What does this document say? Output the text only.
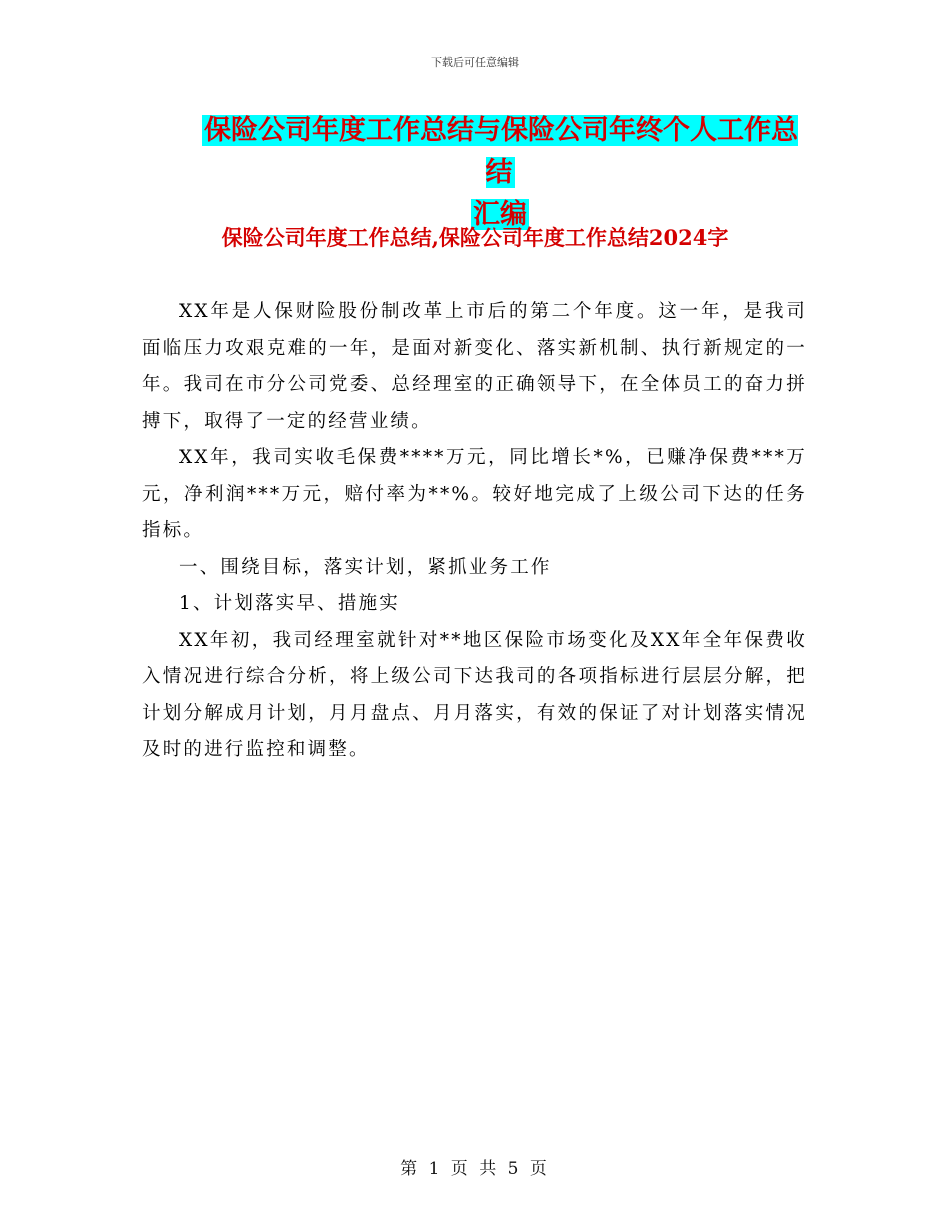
下载后可任意编辑
保险公司年度工作总结与保险公司年终个人工作总结
汇编
保险公司年度工作总结,保险公司年度工作总结2024字

XX年是人保财险股份制改革上市后的第二个年度。这一年，是我司面临压力攻艰克难的一年，是面对新变化、落实新机制、执行新规定的一年。我司在市分公司党委、总经理室的正确领导下，在全体员工的奋力拼搏下，取得了一定的经营业绩。

XX年，我司实收毛保费****万元，同比增长*%，已赚净保费***万元，净利润***万元，赔付率为**%。较好地完成了上级公司下达的任务指标。

一、围绕目标，落实计划，紧抓业务工作

1、计划落实早、措施实

XX年初，我司经理室就针对**地区保险市场变化及XX年全年保费收入情况进行综合分析，将上级公司下达我司的各项指标进行层层分解，把计划分解成月计划，月月盘点、月月落实，有效的保证了对计划落实情况及时的进行监控和调整。

第 1 页 共 5 页
